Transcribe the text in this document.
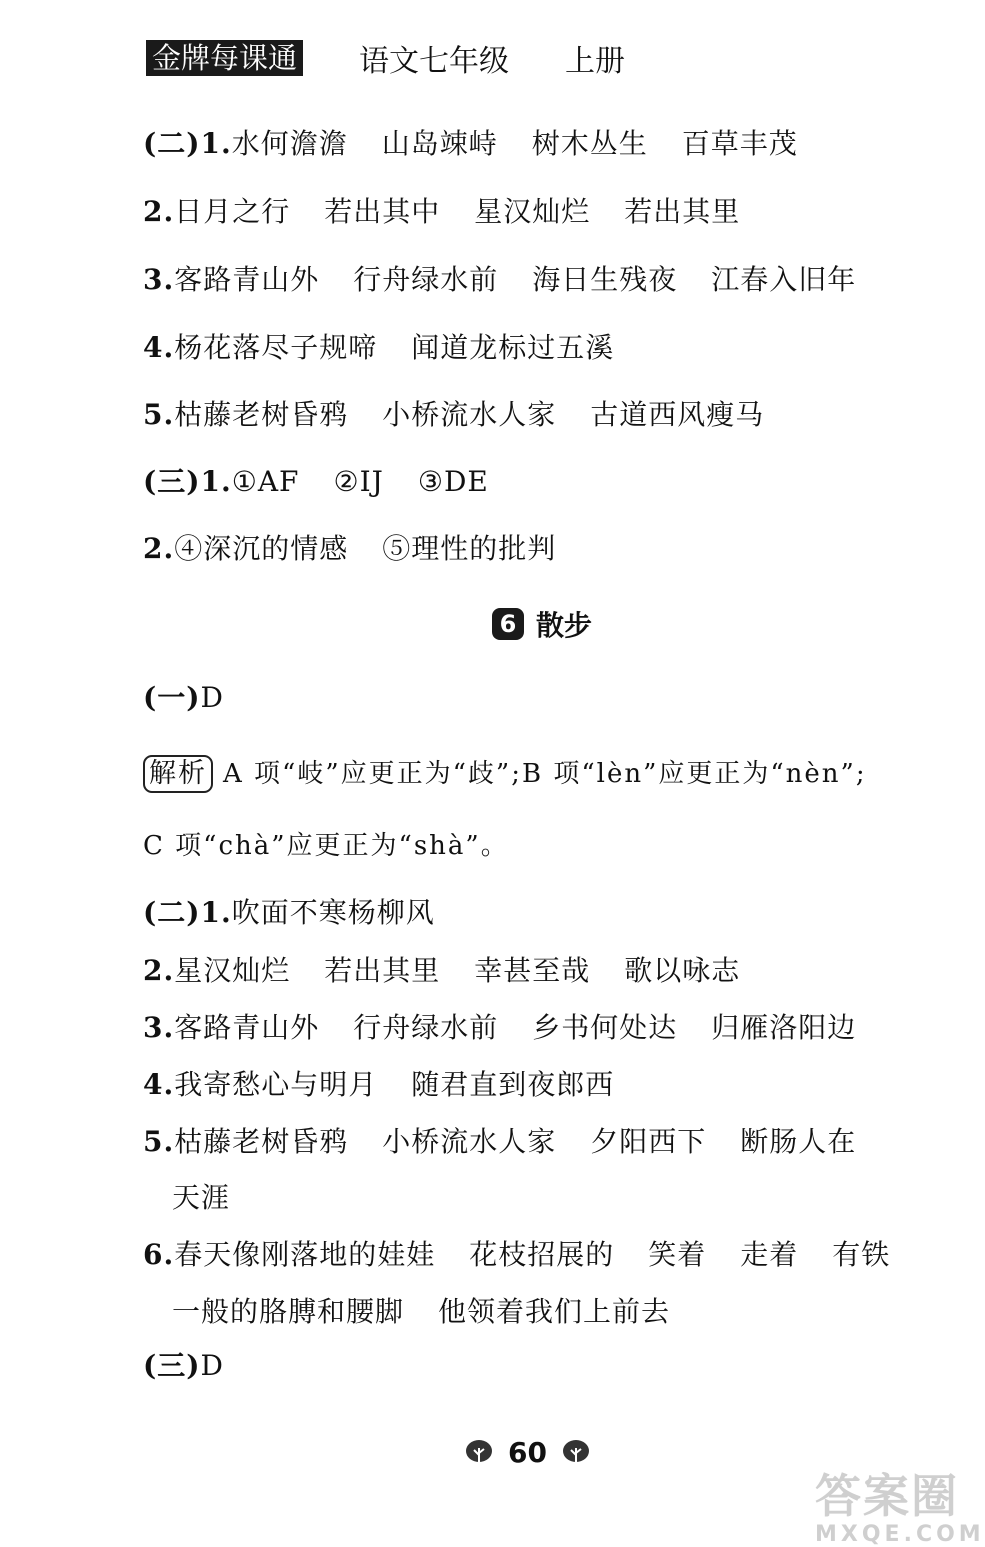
金牌每课通 语文七年级 上册
(二)1.水何澹澹 山岛竦峙 树木丛生 百草丰茂
2.日月之行 若出其中 星汉灿烂 若出其里
3.客路青山外 行舟绿水前 海日生残夜 江春入旧年
4.杨花落尽子规啼 闻道龙标过五溪
5.枯藤老树昏鸦 小桥流水人家 古道西风瘦马
(三)1.①AF ②IJ ③DE
2.④深沉的情感 ⑤理性的批判
6 散步
(一)D
解析 A 项“岐”应更正为“歧”;B 项“lèn”应更正为“nèn”;
C 项“chà”应更正为“shà”。
(二)1.吹面不寒杨柳风
2.星汉灿烂 若出其里 幸甚至哉 歌以咏志
3.客路青山外 行舟绿水前 乡书何处达 归雁洛阳边
4.我寄愁心与明月 随君直到夜郎西
5.枯藤老树昏鸦 小桥流水人家 夕阳西下 断肠人在
天涯
6.春天像刚落地的娃娃 花枝招展的 笑着 走着 有铁
一般的胳膊和腰脚 他领着我们上前去
(三)D
60
答案圈
MXQE.COM
